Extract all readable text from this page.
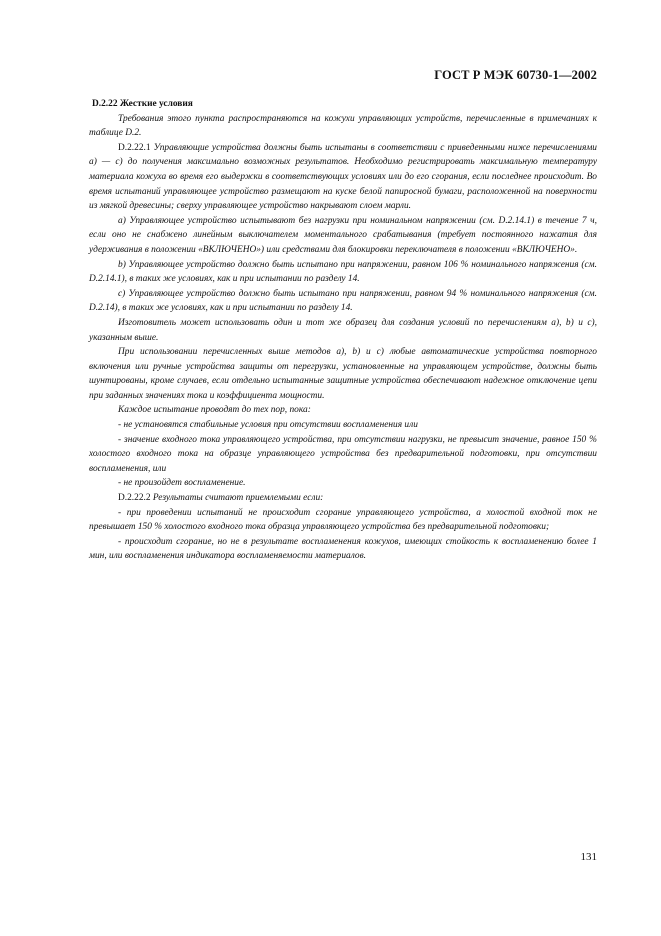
ГОСТ Р МЭК 60730-1—2002

D.2.22 Жесткие условия

Требования этого пункта распространяются на кожухи управляющих устройств, перечисленные в примечаниях к таблице D.2.

D.2.22.1 Управляющие устройства должны быть испытаны в соответствии с приведенными ниже перечислениями а) — с) до получения максимально возможных результатов. Необходимо регистрировать максимальную температуру материала кожуха во время его выдержки в соответствующих условиях или до его сгорания, если последнее происходит. Во время испытаний управляющее устройство размещают на куске белой папиросной бумаги, расположенной на поверхности из мягкой древесины; сверху управляющее устройство накрывают слоем марли.

а) Управляющее устройство испытывают без нагрузки при номинальном напряжении (см. D.2.14.1) в течение 7 ч, если оно не снабжено линейным выключателем моментального срабатывания (требует постоянного нажатия для удерживания в положении «ВКЛЮЧЕНО») или средствами для блокировки переключателя в положении «ВКЛЮЧЕНО».

b) Управляющее устройство должно быть испытано при напряжении, равном 106 % номинального напряжения (см. D.2.14.1), в таких же условиях, как и при испытании по разделу 14.

с) Управляющее устройство должно быть испытано при напряжении, равном 94 % номинального напряжения (см. D.2.14), в таких же условиях, как и при испытании по разделу 14.

Изготовитель может использовать один и тот же образец для создания условий по перечислениям а), b) и с), указанным выше.

При использовании перечисленных выше методов а), b) и с) любые автоматические устройства повторного включения или ручные устройства защиты от перегрузки, установленные на управляющем устройстве, должны быть шунтированы, кроме случаев, если отдельно испытанные защитные устройства обеспечивают надежное отключение цепи при заданных значениях тока и коэффициента мощности.

Каждое испытание проводят до тех пор, пока:

- не установятся стабильные условия при отсутствии воспламенения или

- значение входного тока управляющего устройства, при отсутствии нагрузки, не превысит значение, равное 150 % холостого входного тока на образце управляющего устройства без предварительной подготовки, при отсутствии воспламенения, или

- не произойдет воспламенение.

D.2.22.2 Результаты считают приемлемыми если:

- при проведении испытаний не происходит сгорание управляющего устройства, а холостой входной ток не превышает 150 % холостого входного тока образца управляющего устройства без предварительной подготовки;

- происходит сгорание, но не в результате воспламенения кожухов, имеющих стойкость к воспламенению более 1 мин, или воспламенения индикатора воспламеняемости материалов.

131
